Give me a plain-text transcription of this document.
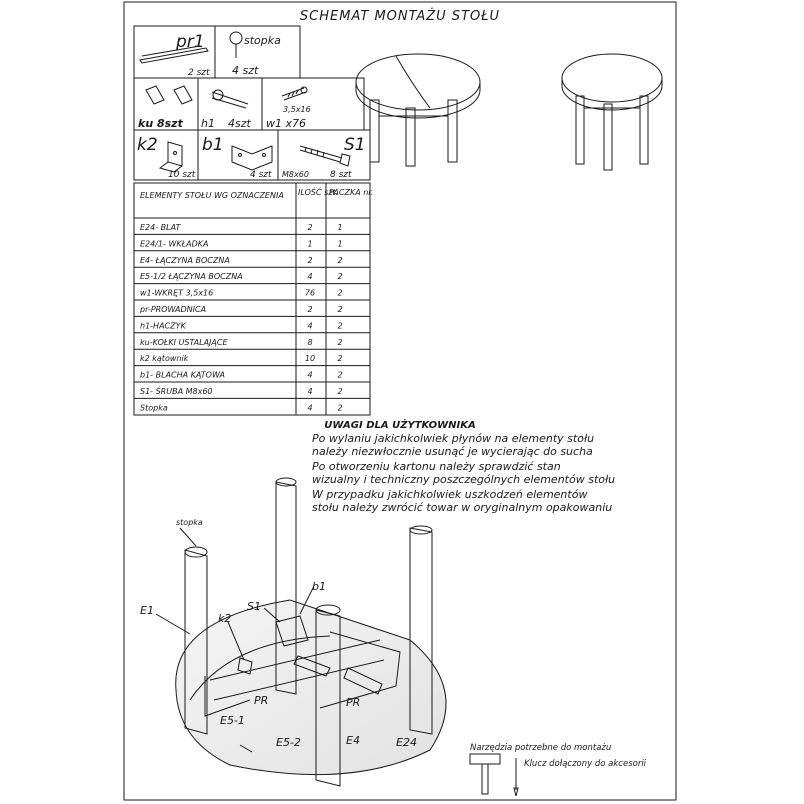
SCHEMAT MONTAŻU STOŁU
pr1
2 szt
stopka
4 szt
ku 8szt h1 4szt
3,5x16
w1 x76
k2
10 szt
b1
4 szt
S1
M8x60 8 szt
ELEMENTY STOŁU WG OZNACZENIA ILOŚĆ szt.
PACZKA nr.
E24- BLAT	2	1
E24/1- WKŁADKA	1	1
E4- ŁĄCZYNA BOCZNA	2	2
E5-1/2 ŁĄCZYNA BOCZNA	4	2
w1-WKRĘT 3,5x16	76	2
pr-PROWADNICA	2	2
h1-HACZYK	4	2
ku-KOŁKI USTALAJĄCE	8	2
k2 kątownik	10	2
b1- BLACHA KĄTOWA	4	2
S1- ŚRUBA M8x60	4	2
Stopka	4	2
UWAGI DLA UŻYTKOWNIKA
Po wylaniu jakichkolwiek płynów na elementy stołu
należy niezwłocznie usunąć je wycierając do sucha
Po otworzeniu kartonu należy sprawdzić stan
wizualny i techniczny poszczególnych elementów stołu
W przypadku jakichkolwiek uszkodzeń elementów
stołu należy zwrócić towar w oryginalnym opakowaniu
stopka
E1
k2
S1
b1
PR	PR
E5-1
E5-2	E4	E24	Narzędzia potrzebne do montażu
Klucz dołączony do akcesorii
